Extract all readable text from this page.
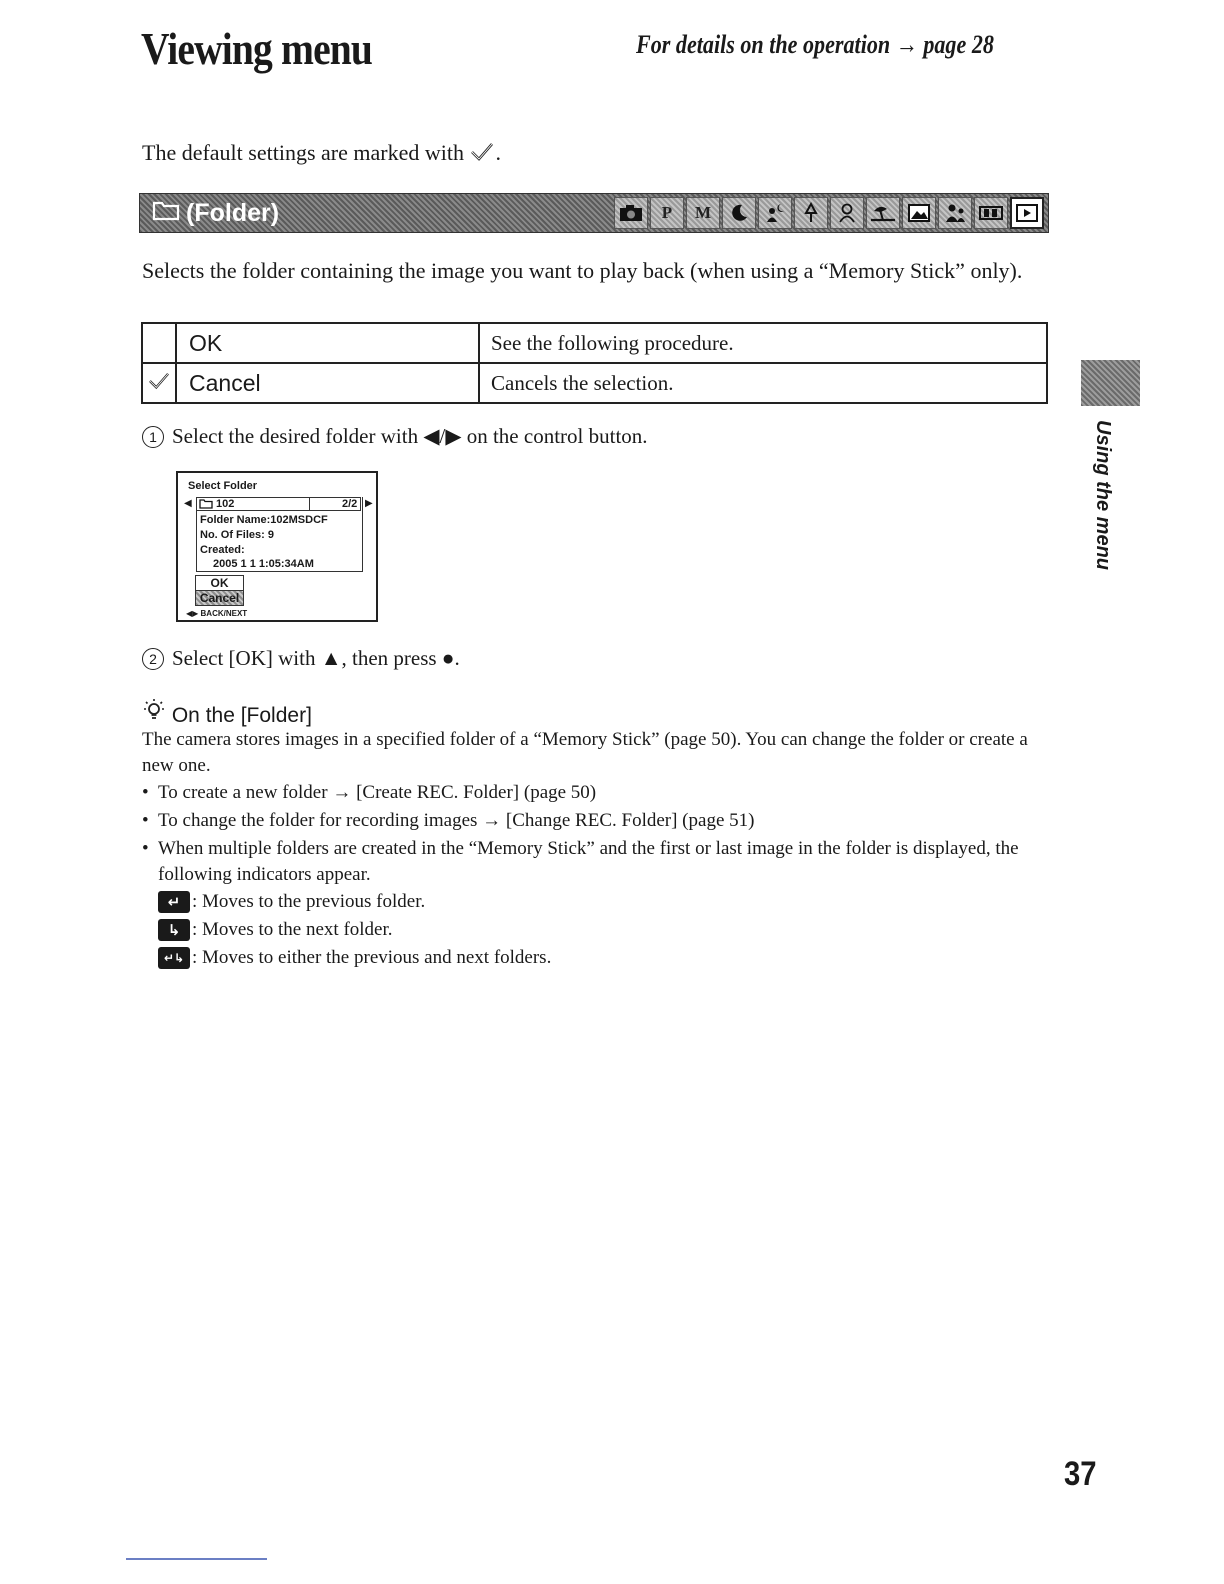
Viewing menu	For details on the operation → page 28
The default settings are marked with .
(Folder)	P	M
Selects the folder containing the image you want to play back (when using a “Memory Stick” only).
	OK	See the following procedure.
	Cancel	Cancels the selection.
1 Select the desired folder with ◀/▶ on the control button.
Select Folder
◀	▶
102	2/2
Folder Name:102MSDCF
No. Of Files: 9
Created:
2005 1 1 1:05:34AM
OK
Cancel
◀▶ BACK/NEXT
2 Select [OK] with ▲, then press ●.
On the [Folder]
The camera stores images in a specified folder of a “Memory Stick” (page 50). You can change the folder or create a new one.
• To create a new folder → [Create REC. Folder] (page 50)
• To change the folder for recording images → [Change REC. Folder] (page 51)
• When multiple folders are created in the “Memory Stick” and the first or last image in the folder is displayed, the following indicators appear.
↵ : Moves to the previous folder.
↳ : Moves to the next folder.
↵↳ : Moves to either the previous and next folders.
Using the menu
37
